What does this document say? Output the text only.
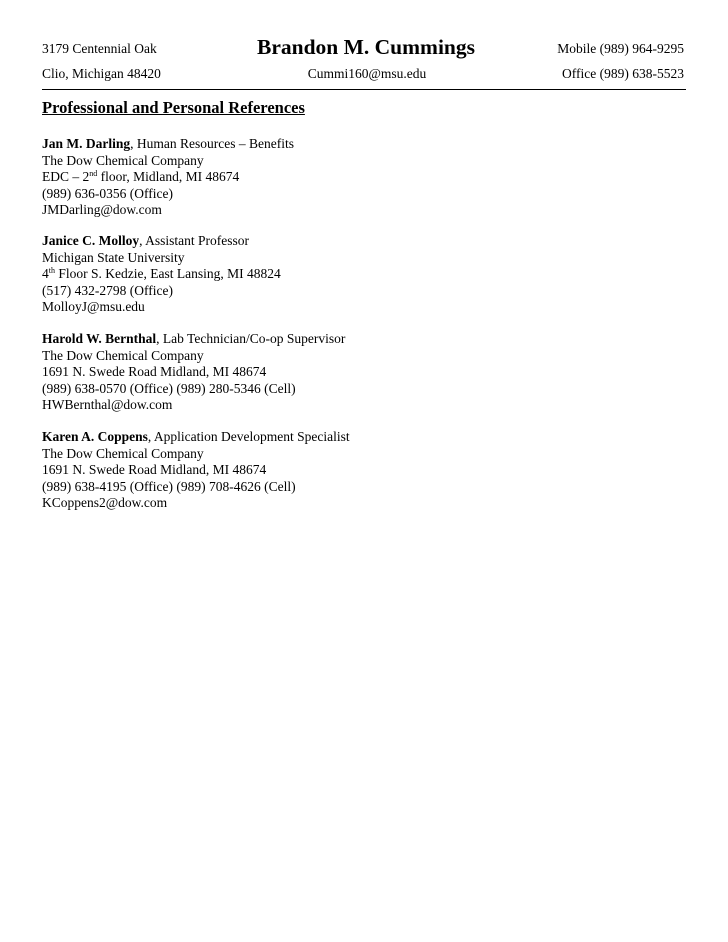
3179 Centennial Oak
Clio, Michigan 48420
Brandon M. Cummings
Cummi160@msu.edu
Mobile (989) 964-9295
Office (989) 638-5523
Professional and Personal References
Jan M. Darling, Human Resources – Benefits
The Dow Chemical Company
EDC – 2nd floor, Midland, MI 48674
(989) 636-0356 (Office)
JMDarling@dow.com
Janice C. Molloy, Assistant Professor
Michigan State University
4th Floor S. Kedzie, East Lansing, MI 48824
(517) 432-2798 (Office)
MolloyJ@msu.edu
Harold W. Bernthal, Lab Technician/Co-op Supervisor
The Dow Chemical Company
1691 N. Swede Road Midland, MI 48674
(989) 638-0570 (Office) (989) 280-5346 (Cell)
HWBernthal@dow.com
Karen A. Coppens, Application Development Specialist
The Dow Chemical Company
1691 N. Swede Road Midland, MI 48674
(989) 638-4195 (Office) (989) 708-4626 (Cell)
KCoppens2@dow.com
